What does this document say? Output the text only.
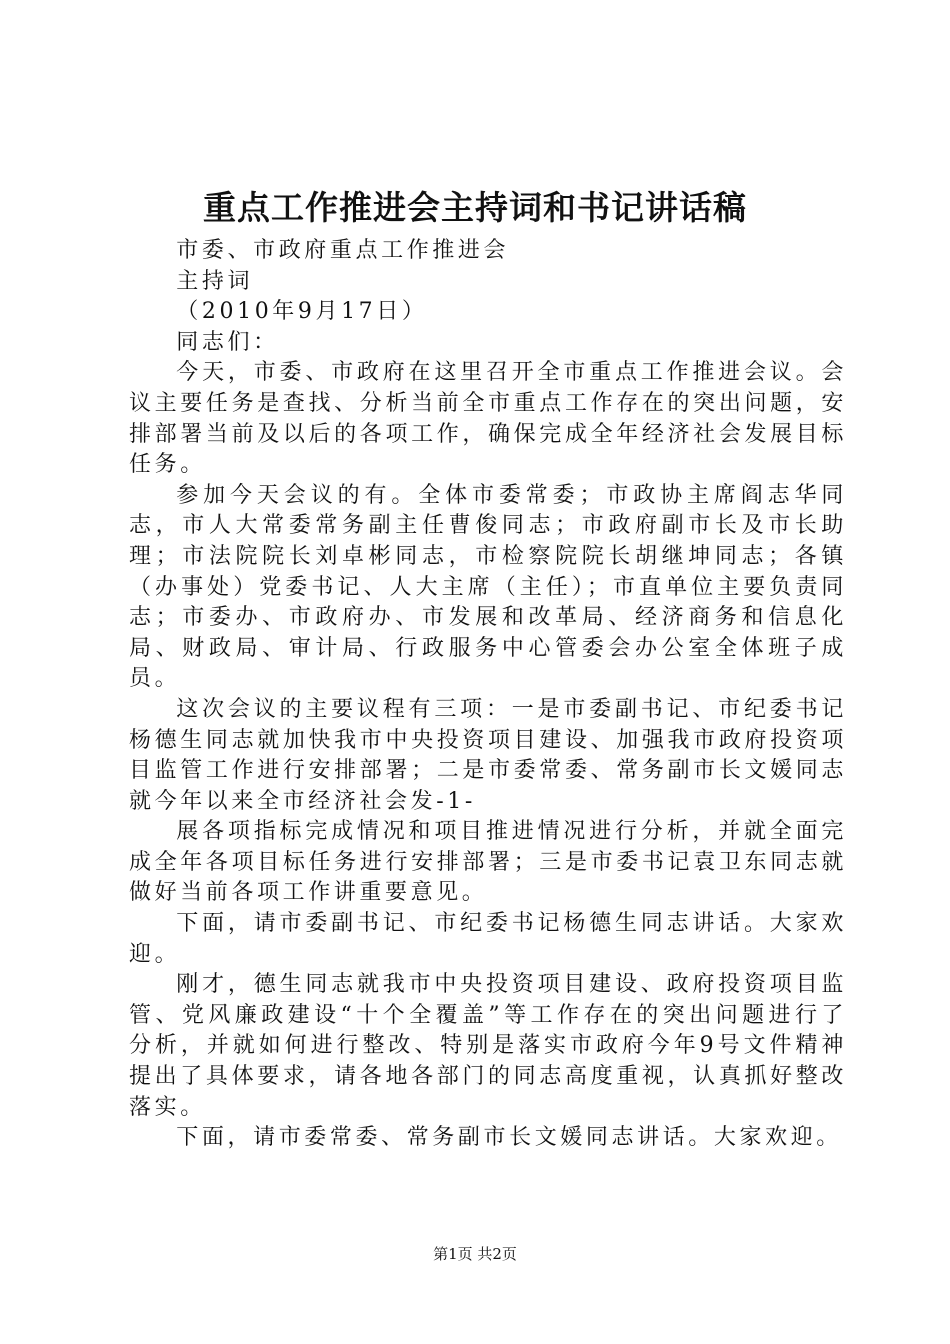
重点工作推进会主持词和书记讲话稿

市委、市政府重点工作推进会

主持词

（2010年9月17日）

同志们：

今天，市委、市政府在这里召开全市重点工作推进会议。会议主要任务是查找、分析当前全市重点工作存在的突出问题，安排部署当前及以后的各项工作，确保完成全年经济社会发展目标任务。

参加今天会议的有。全体市委常委；市政协主席阎志华同志，市人大常委常务副主任曹俊同志；市政府副市长及市长助理；市法院院长刘卓彬同志，市检察院院长胡继坤同志；各镇（办事处）党委书记、人大主席（主任）；市直单位主要负责同志；市委办、市政府办、市发展和改革局、经济商务和信息化局、财政局、审计局、行政服务中心管委会办公室全体班子成员。

这次会议的主要议程有三项：一是市委副书记、市纪委书记杨德生同志就加快我市中央投资项目建设、加强我市政府投资项目监管工作进行安排部署；二是市委常委、常务副市长文媛同志就今年以来全市经济社会发-1-

展各项指标完成情况和项目推进情况进行分析，并就全面完成全年各项目标任务进行安排部署；三是市委书记袁卫东同志就做好当前各项工作讲重要意见。

下面，请市委副书记、市纪委书记杨德生同志讲话。大家欢迎。

刚才，德生同志就我市中央投资项目建设、政府投资项目监管、党风廉政建设“十个全覆盖”等工作存在的突出问题进行了分析，并就如何进行整改、特别是落实市政府今年9号文件精神提出了具体要求，请各地各部门的同志高度重视，认真抓好整改落实。

下面，请市委常委、常务副市长文媛同志讲话。大家欢迎。

第1页 共2页
